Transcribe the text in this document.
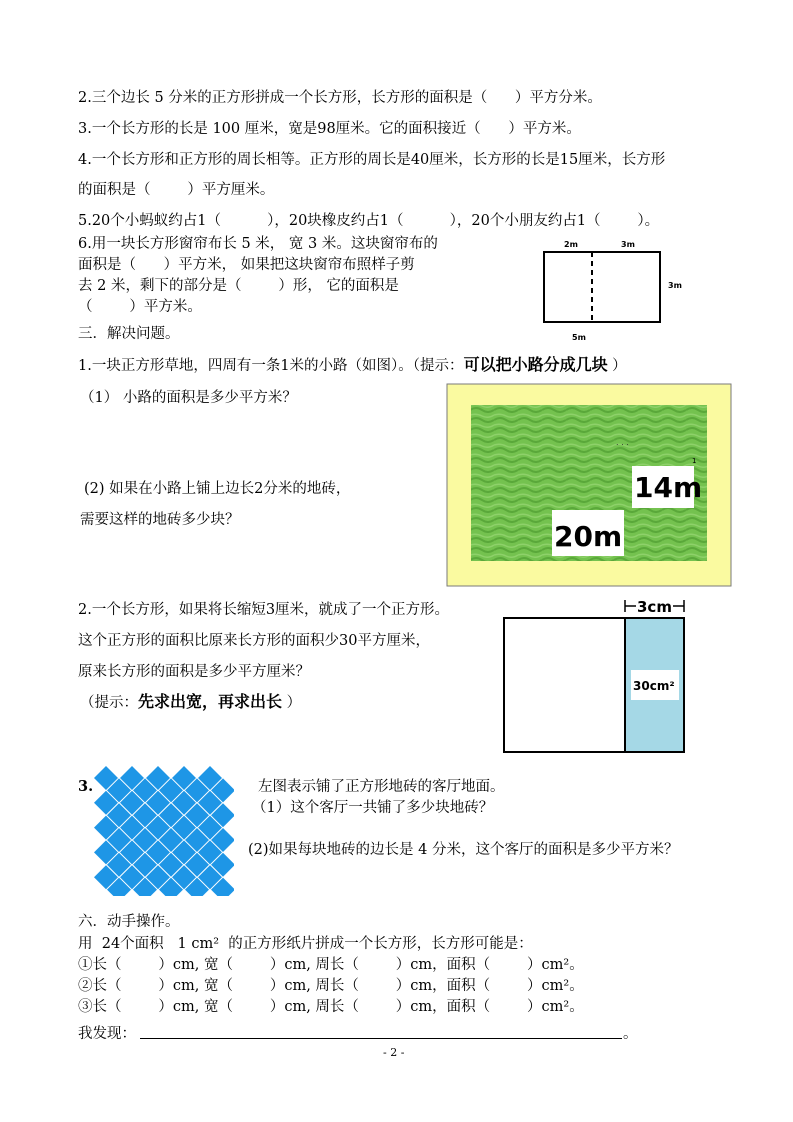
2.三个边长 5 分米的正方形拼成一个长方形，长方形的面积是（      ）平方分米。
3.一个长方形的长是 100 厘米，宽是98厘米。它的面积接近（      ）平方米。
4.一个长方形和正方形的周长相等。正方形的周长是40厘米，长方形的长是15厘米，长方形
的面积是（        ）平方厘米。
5.20个小蚂蚁约占1（          ），20块橡皮约占1（          ），20个小朋友约占1（        ）。
6.用一块长方形窗帘布长 5 米， 宽 3 米。这块窗帘布的
面积是（      ）平方米， 如果把这块窗帘布照样子剪
去 2 米，剩下的部分是（        ）形， 它的面积是
（        ）平方米。
2m	3m
3m
5m
三．解决问题。
1.一块正方形草地，四周有一条1米的小路（如图）。（提示：可以把小路分成几块 ）
（1） 小路的面积是多少平方米？
(2) 如果在小路上铺上边长2分米的地砖，
需要这样的地砖多少块？
. . .
1
14m
20m
2.一个长方形，如果将长缩短3厘米，就成了一个正方形。
这个正方形的面积比原来长方形的面积少30平方厘米，
原来长方形的面积是多少平方厘米？
（提示：先求出宽，再求出长 ）
3cm
30cm²
3.	左图表示铺了正方形地砖的客厅地面。
（1）这个客厅一共铺了多少块地砖？
(2)如果每块地砖的边长是 4 分米，这个客厅的面积是多少平方米？
六．动手操作。
用  24个面积   1 cm²  的正方形纸片拼成一个长方形，长方形可能是：
①长（        ）cm, 宽（        ）cm, 周长（        ）cm，面积（        ）cm²。
②长（        ）cm, 宽（        ）cm, 周长（        ）cm，面积（        ）cm²。
③长（        ）cm, 宽（        ）cm, 周长（        ）cm，面积（        ）cm²。
我发现：	。
- 2 -
